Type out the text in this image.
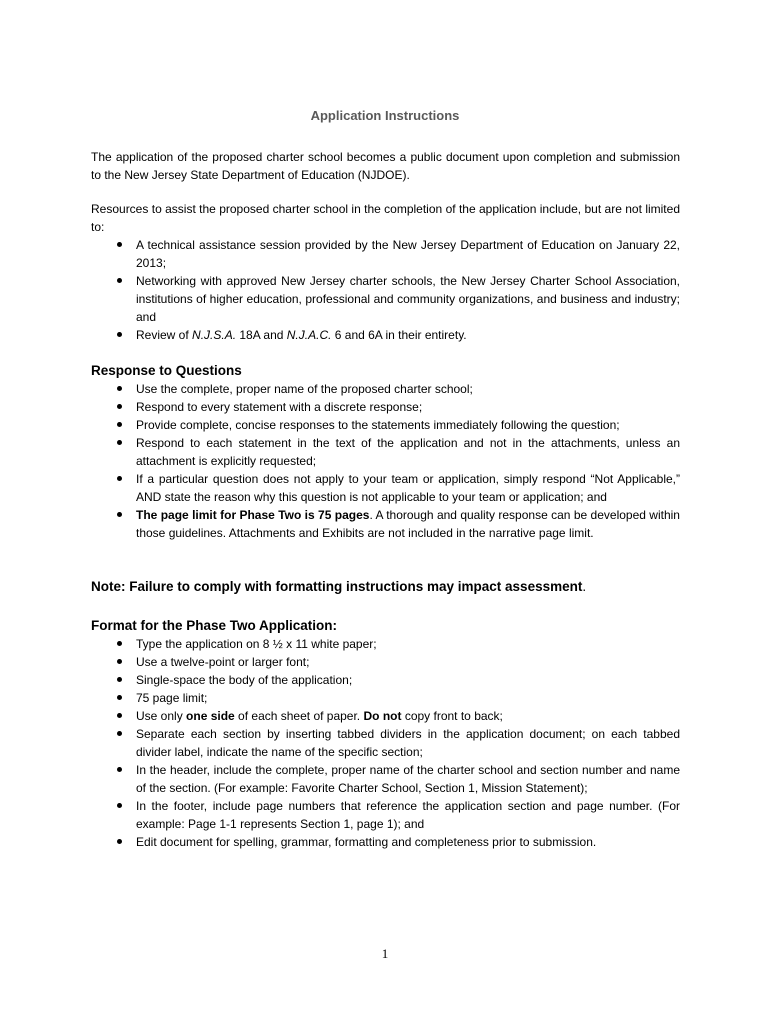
Application Instructions
The application of the proposed charter school becomes a public document upon completion and submission to the New Jersey State Department of Education (NJDOE).
Resources to assist the proposed charter school in the completion of the application include, but are not limited to:
A technical assistance session provided by the New Jersey Department of Education on January 22, 2013;
Networking with approved New Jersey charter schools, the New Jersey Charter School Association, institutions of higher education, professional and community organizations, and business and industry; and
Review of N.J.S.A. 18A and N.J.A.C. 6 and 6A in their entirety.
Response to Questions
Use the complete, proper name of the proposed charter school;
Respond to every statement with a discrete response;
Provide complete, concise responses to the statements immediately following the question;
Respond to each statement in the text of the application and not in the attachments, unless an attachment is explicitly requested;
If a particular question does not apply to your team or application, simply respond “Not Applicable,” AND state the reason why this question is not applicable to your team or application; and
The page limit for Phase Two is 75 pages. A thorough and quality response can be developed within those guidelines. Attachments and Exhibits are not included in the narrative page limit.
Note: Failure to comply with formatting instructions may impact assessment.
Format for the Phase Two Application:
Type the application on 8 ½ x 11 white paper;
Use a twelve-point or larger font;
Single-space the body of the application;
75 page limit;
Use only one side of each sheet of paper. Do not copy front to back;
Separate each section by inserting tabbed dividers in the application document; on each tabbed divider label, indicate the name of the specific section;
In the header, include the complete, proper name of the charter school and section number and name of the section. (For example: Favorite Charter School, Section 1, Mission Statement);
In the footer, include page numbers that reference the application section and page number. (For example: Page 1-1 represents Section 1, page 1); and
Edit document for spelling, grammar, formatting and completeness prior to submission.
1
